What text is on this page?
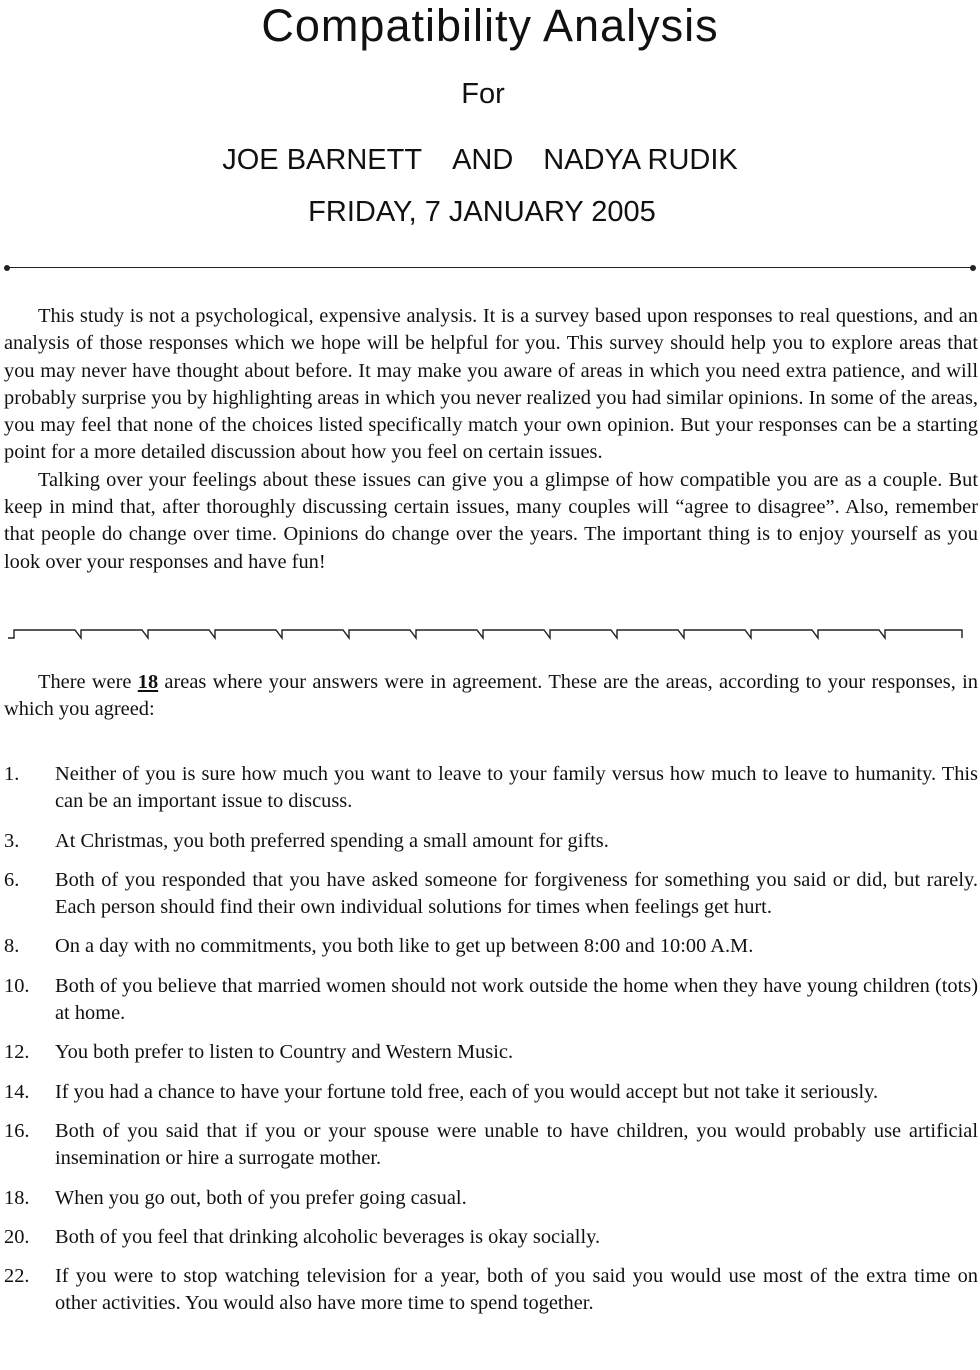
Compatibility Analysis
For
JOE BARNETT AND NADYA RUDIK
FRIDAY, 7 JANUARY 2005

This study is not a psychological, expensive analysis. It is a survey based upon responses to real questions, and an analysis of those responses which we hope will be helpful for you. This survey should help you to explore areas that you may never have thought about before. It may make you aware of areas in which you need extra patience, and will probably surprise you by highlighting areas in which you never realized you had similar opinions. In some of the areas, you may feel that none of the choices listed specifically match your own opinion. But your responses can be a starting point for a more detailed discussion about how you feel on certain issues.

Talking over your feelings about these issues can give you a glimpse of how compatible you are as a couple. But keep in mind that, after thoroughly discussing certain issues, many couples will “agree to disagree”. Also, remember that people do change over time. Opinions do change over the years. The important thing is to enjoy yourself as you look over your responses and have fun!

There were 18 areas where your answers were in agreement. These are the areas, according to your responses, in which you agreed:
1. Neither of you is sure how much you want to leave to your family versus how much to leave to humanity. This can be an important issue to discuss.
3. At Christmas, you both preferred spending a small amount for gifts.
6. Both of you responded that you have asked someone for forgiveness for something you said or did, but rarely. Each person should find their own individual solutions for times when feelings get hurt.
8. On a day with no commitments, you both like to get up between 8:00 and 10:00 A.M.
10. Both of you believe that married women should not work outside the home when they have young children (tots) at home.
12. You both prefer to listen to Country and Western Music.
14. If you had a chance to have your fortune told free, each of you would accept but not take it seriously.
16. Both of you said that if you or your spouse were unable to have children, you would probably use artificial insemination or hire a surrogate mother.
18. When you go out, both of you prefer going casual.
20. Both of you feel that drinking alcoholic beverages is okay socially.
22. If you were to stop watching television for a year, both of you said you would use most of the extra time on other activities. You would also have more time to spend together.
